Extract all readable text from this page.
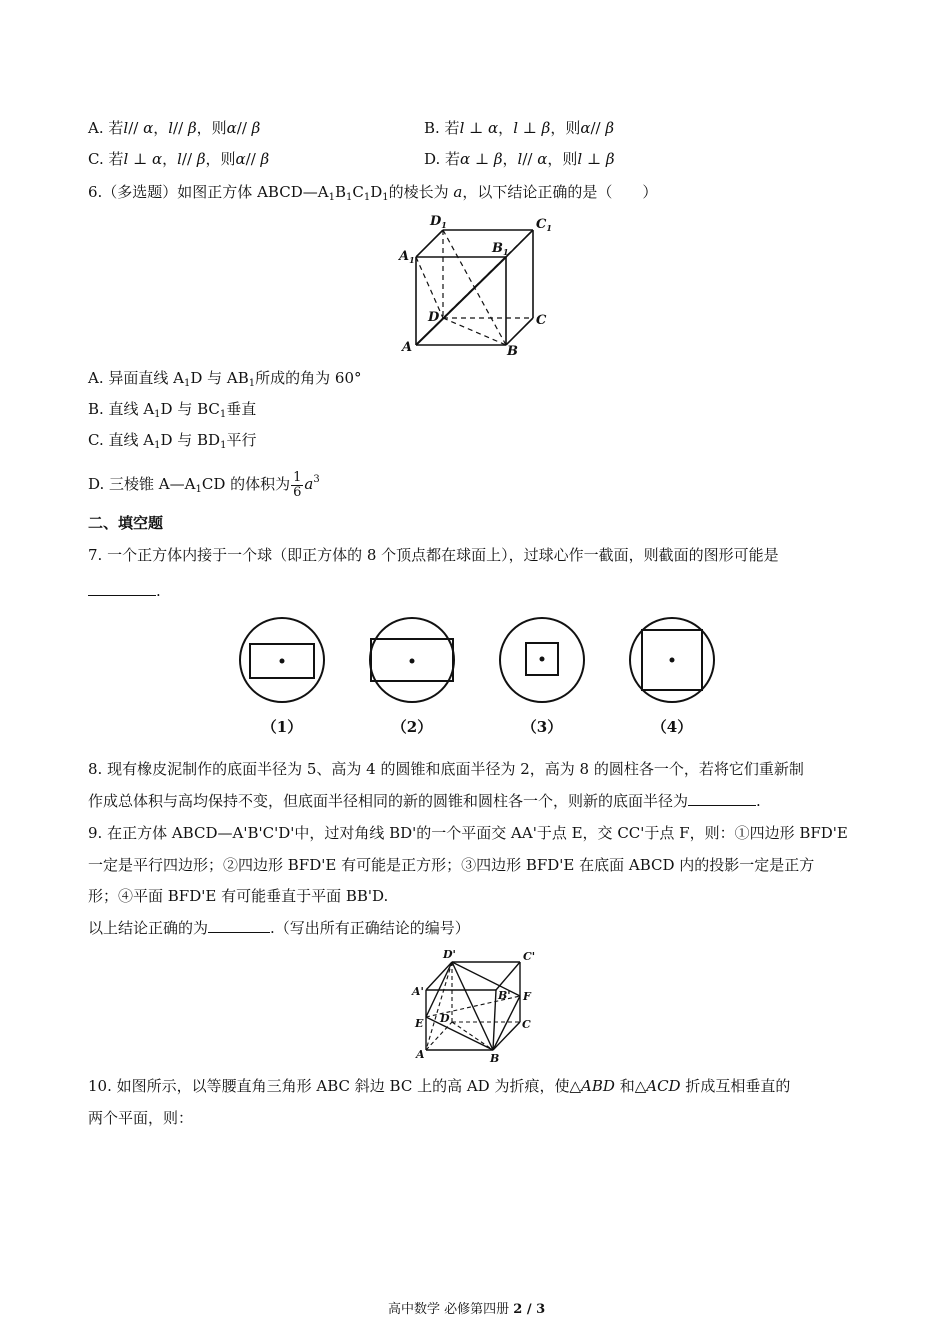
A. 若l// α，l// β，则α// β	B. 若l ⊥ α，l ⊥ β，则α// β
C. 若l ⊥ α，l// β，则α// β	D. 若α ⊥ β，l// α，则l ⊥ β
6.（多选题）如图正方体 $ABCD—A_1B_1C_1D_1$的棱长为 a，以下结论正确的是（　　）
$D_1$	$C_1$
$A_1$
$B_1$
D	C
A	B
A. 异面直线 $A_1D$ 与 $AB_1$所成的角为 60°
B. 直线 $A_1D$ 与 $BC_1$垂直
C. 直线 $A_1D$ 与 $BD_1$平行
D. 三棱锥 $A—A_1CD$ 的体积为 $\frac{1}{6} a^3$
二、填空题
7. 一个正方体内接于一个球（即正方体的 8 个顶点都在球面上），过球心作一截面，则截面的图形可能是
.
（1）	（2）	（3）	（4）
8. 现有橡皮泥制作的底面半径为 5、高为 4 的圆锥和底面半径为 2，高为 8 的圆柱各一个，若将它们重新制
作成总体积与高均保持不变，但底面半径相同的新的圆锥和圆柱各一个，则新的底面半径为	.
9. 在正方体 ABCD—A'B'C'D'中，过对角线 BD'的一个平面交 AA'于点 E，交 CC'于点 F，则：①四边形 BFD'E
一定是平行四边形；②四边形 BFD'E 有可能是正方形；③四边形 BFD'E 在底面 ABCD 内的投影一定是正方
形；④平面 BFD'E 有可能垂直于平面 BB'D.
以上结论正确的为	.（写出所有正确结论的编号）
D'	C'
A'	B' F
E D	C
A	B
10. 如图所示，以等腰直角三角形 ABC 斜边 BC 上的高 AD 为折痕，使△ABD 和△ACD 折成互相垂直的
两个平面，则：
高中数学 必修第四册 2 / 3
